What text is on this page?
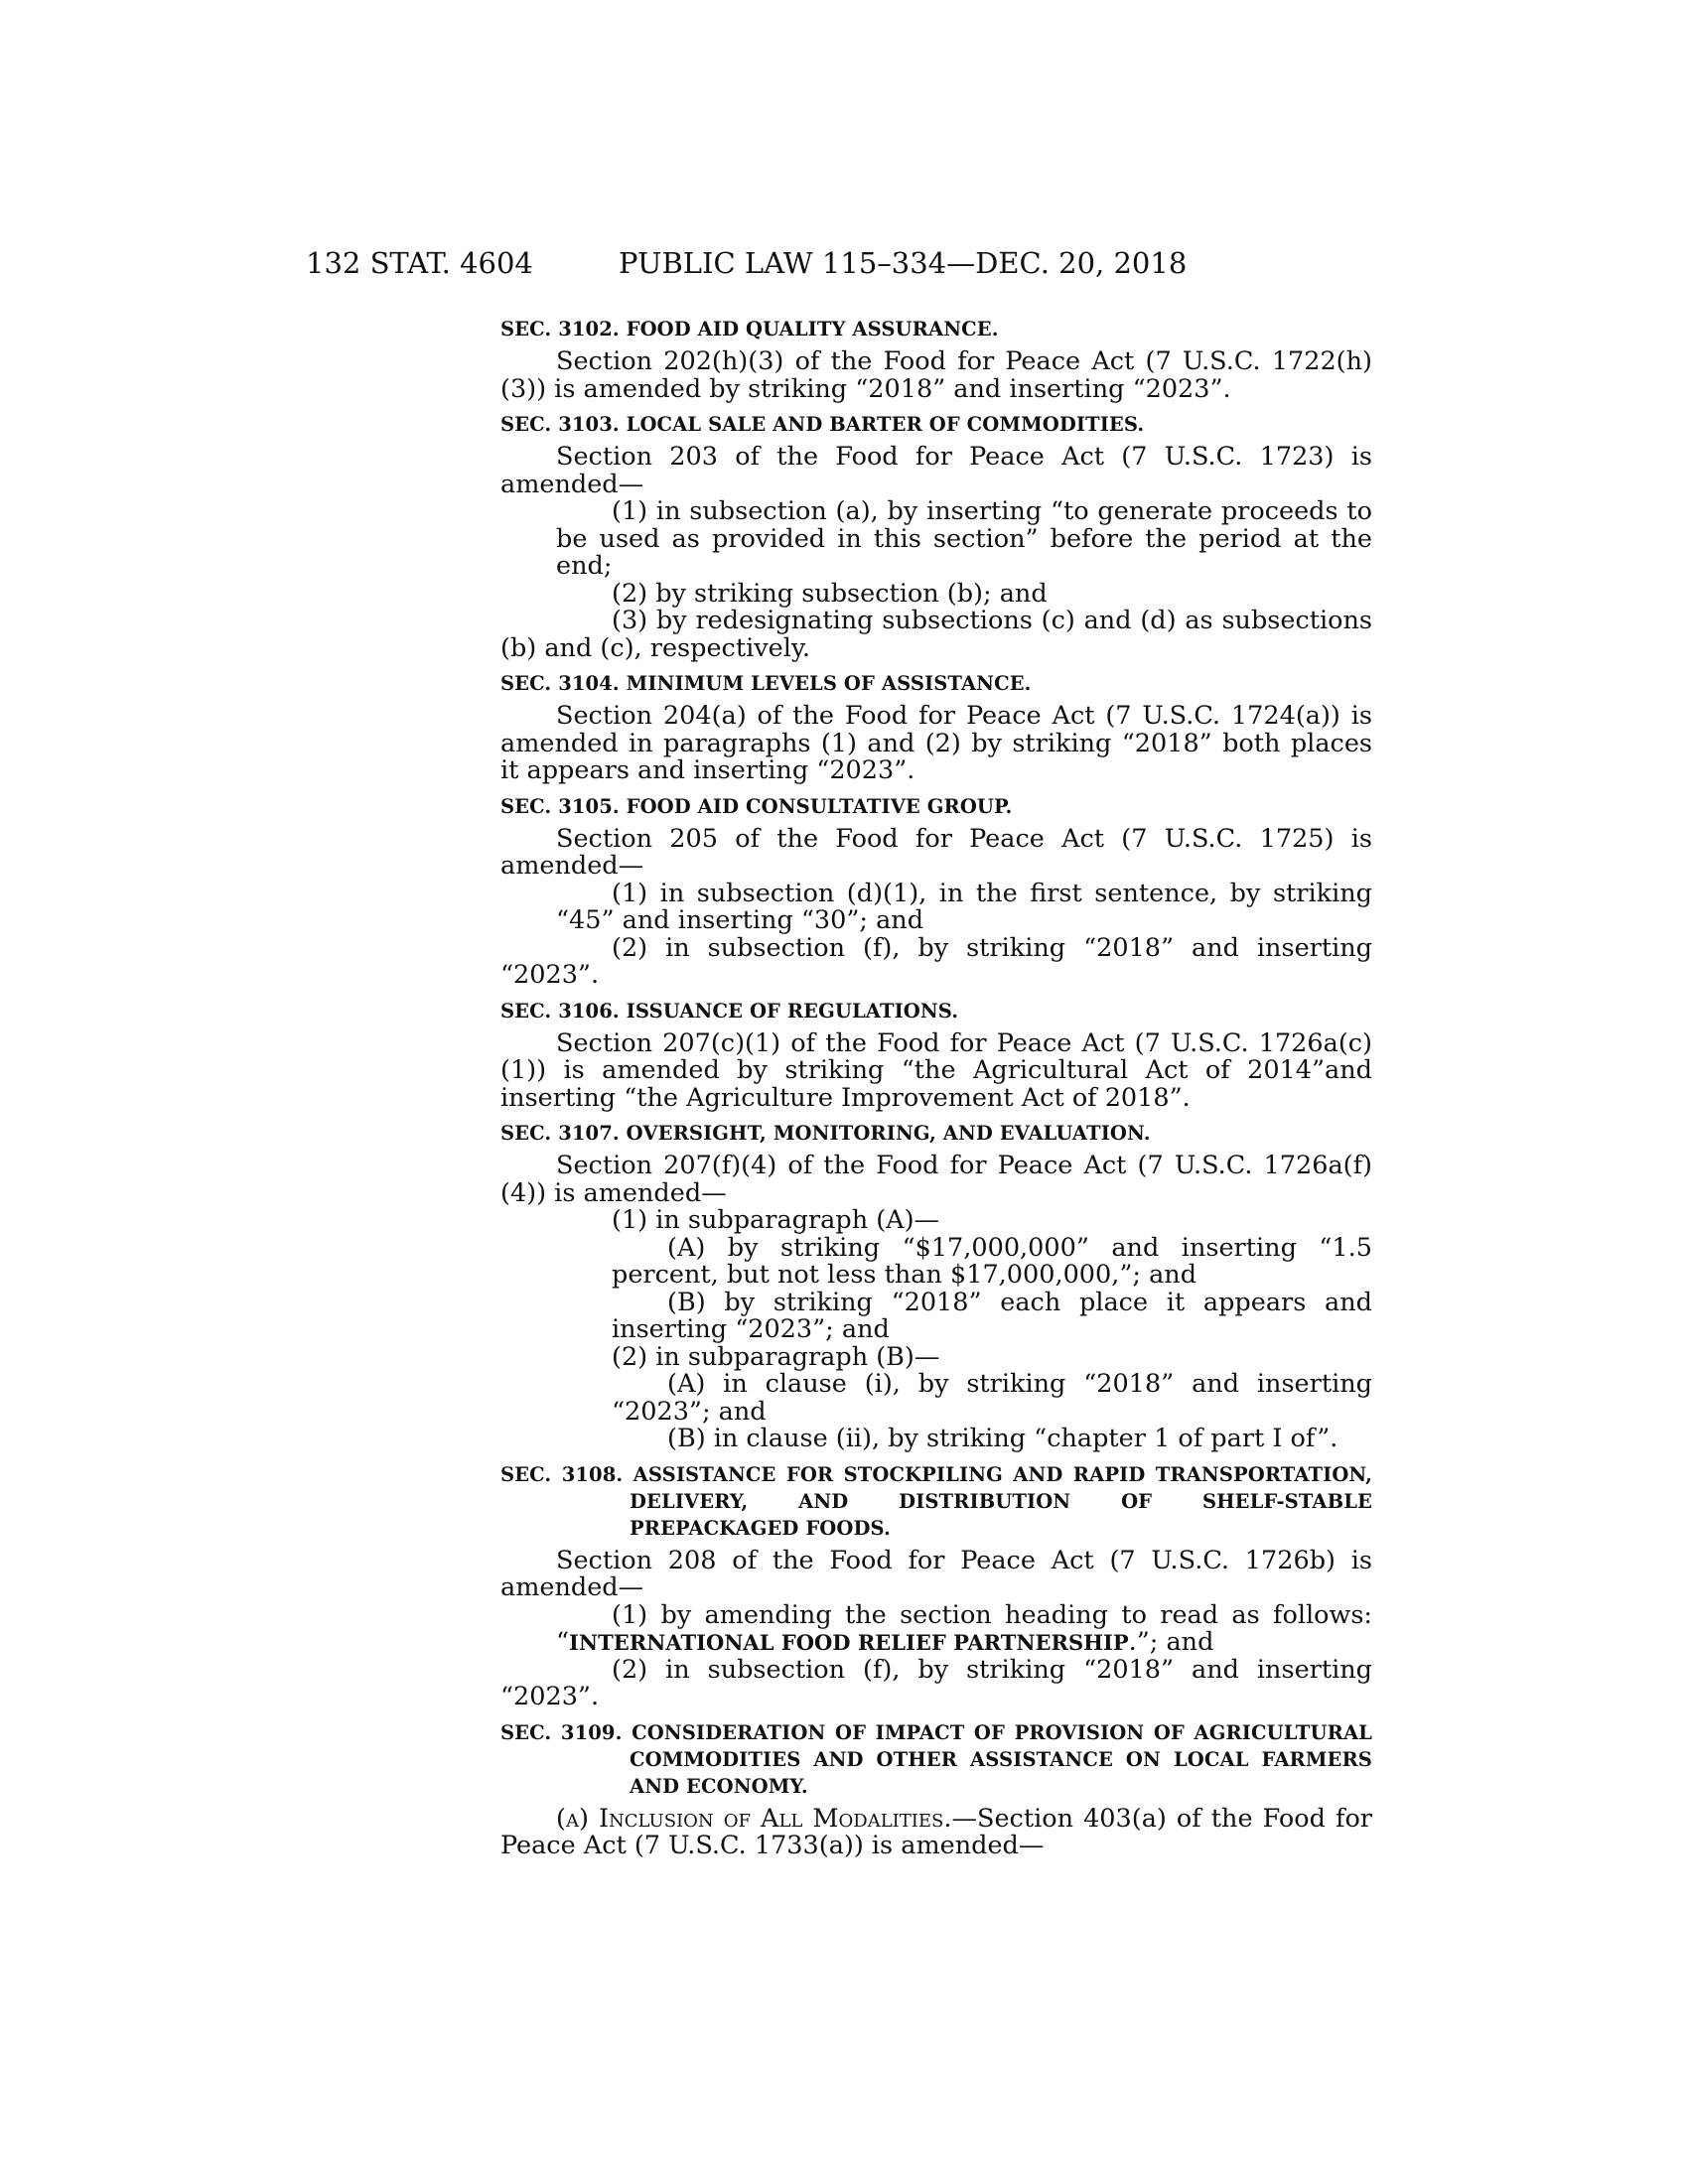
132 STAT. 4604	PUBLIC LAW 115–334—DEC. 20, 2018

SEC. 3102. FOOD AID QUALITY ASSURANCE.

Section 202(h)(3) of the Food for Peace Act (7 U.S.C. 1722(h)(3)) is amended by striking “2018” and inserting “2023”.

SEC. 3103. LOCAL SALE AND BARTER OF COMMODITIES.

Section 203 of the Food for Peace Act (7 U.S.C. 1723) is amended—

(1) in subsection (a), by inserting “to generate proceeds to be used as provided in this section” before the period at the end;

(2) by striking subsection (b); and

(3) by redesignating subsections (c) and (d) as subsections (b) and (c), respectively.

SEC. 3104. MINIMUM LEVELS OF ASSISTANCE.

Section 204(a) of the Food for Peace Act (7 U.S.C. 1724(a)) is amended in paragraphs (1) and (2) by striking “2018” both places it appears and inserting “2023”.

SEC. 3105. FOOD AID CONSULTATIVE GROUP.

Section 205 of the Food for Peace Act (7 U.S.C. 1725) is amended—

(1) in subsection (d)(1), in the first sentence, by striking “45” and inserting “30”; and

(2) in subsection (f), by striking “2018” and inserting “2023”.

SEC. 3106. ISSUANCE OF REGULATIONS.

Section 207(c)(1) of the Food for Peace Act (7 U.S.C. 1726a(c)(1)) is amended by striking “the Agricultural Act of 2014”and inserting “the Agriculture Improvement Act of 2018”.

SEC. 3107. OVERSIGHT, MONITORING, AND EVALUATION.

Section 207(f)(4) of the Food for Peace Act (7 U.S.C. 1726a(f)(4)) is amended—

(1) in subparagraph (A)—

(A) by striking “$17,000,000” and inserting “1.5 percent, but not less than $17,000,000,”; and

(B) by striking “2018” each place it appears and inserting “2023”; and

(2) in subparagraph (B)—

(A) in clause (i), by striking “2018” and inserting “2023”; and

(B) in clause (ii), by striking “chapter 1 of part I of”.

SEC. 3108. ASSISTANCE FOR STOCKPILING AND RAPID TRANSPORTATION, DELIVERY, AND DISTRIBUTION OF SHELF-STABLE PREPACKAGED FOODS.

Section 208 of the Food for Peace Act (7 U.S.C. 1726b) is amended—

(1) by amending the section heading to read as follows: “INTERNATIONAL FOOD RELIEF PARTNERSHIP.”; and

(2) in subsection (f), by striking “2018” and inserting “2023”.

SEC. 3109. CONSIDERATION OF IMPACT OF PROVISION OF AGRICULTURAL COMMODITIES AND OTHER ASSISTANCE ON LOCAL FARMERS AND ECONOMY.

(a) Inclusion of All Modalities.—Section 403(a) of the Food for Peace Act (7 U.S.C. 1733(a)) is amended—
